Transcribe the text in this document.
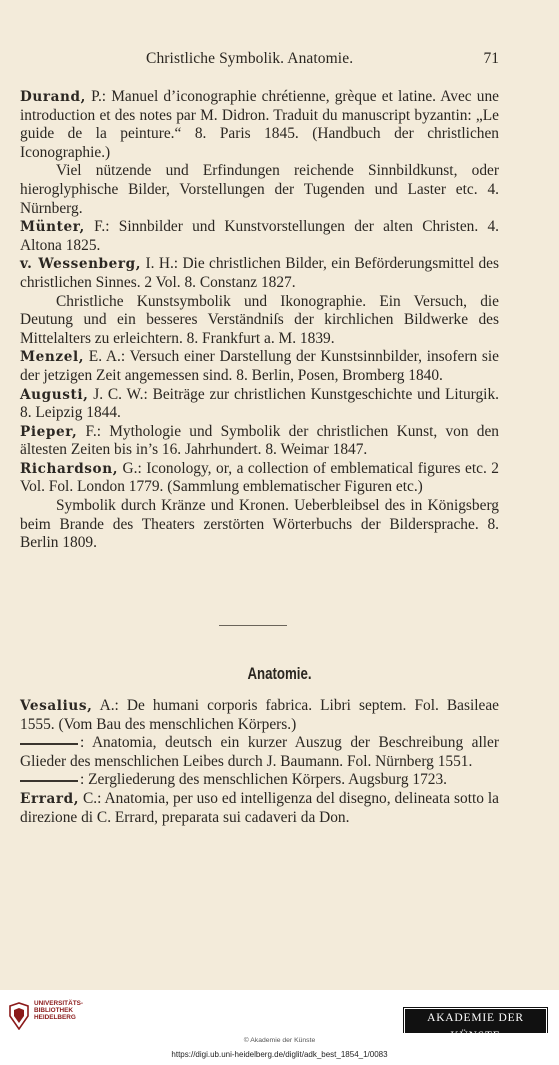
Christliche Symbolik. Anatomie.	71

Durand, P.: Manuel d’iconographie chrétienne, grèque et latine. Avec une introduction et des notes par M. Didron. Traduit du manuscript byzantin: „Le guide de la peinture.“ 8. Paris 1845. (Handbuch der christlichen Iconographie.)

Viel nützende und Erfindungen reichende Sinnbildkunst, oder hieroglyphische Bilder, Vorstellungen der Tugenden und Laster etc. 4. Nürnberg.

Münter, F.: Sinnbilder und Kunstvorstellungen der alten Christen. 4. Altona 1825.

v. Wessenberg, I. H.: Die christlichen Bilder, ein Beförderungsmittel des christlichen Sinnes. 2 Vol. 8. Constanz 1827.

Christliche Kunstsymbolik und Ikonographie. Ein Versuch, die Deutung und ein besseres Verständniſs der kirchlichen Bildwerke des Mittelalters zu erleichtern. 8. Frankfurt a. M. 1839.

Menzel, E. A.: Versuch einer Darstellung der Kunstsinnbilder, insofern sie der jetzigen Zeit angemessen sind. 8. Berlin, Posen, Bromberg 1840.

Augusti, J. C. W.: Beiträge zur christlichen Kunstgeschichte und Liturgik. 8. Leipzig 1844.

Pieper, F.: Mythologie und Symbolik der christlichen Kunst, von den ältesten Zeiten bis in’s 16. Jahrhundert. 8. Weimar 1847.

Richardson, G.: Iconology, or, a collection of emblematical figures etc. 2 Vol. Fol. London 1779. (Sammlung emblematischer Figuren etc.)

Symbolik durch Kränze und Kronen. Ueberbleibsel des in Königsberg beim Brande des Theaters zerstörten Wörterbuchs der Bildersprache. 8. Berlin 1809.

Anatomie.

Vesalius, A.: De humani corporis fabrica. Libri septem. Fol. Basileae 1555. (Vom Bau des menschlichen Körpers.)

: Anatomia, deutsch ein kurzer Auszug der Beschreibung aller Glieder des menschlichen Leibes durch J. Baumann. Fol. Nürnberg 1551.

: Zergliederung des menschlichen Körpers. Augsburg 1723.

Errard, C.: Anatomia, per uso ed intelligenza del disegno, delineata sotto la direzione di C. Errard, preparata sui cadaveri da Don.

UNIVERSITÄTS-
BIBLIOTHEK
HEIDELBERG	AKADEMIE DER KÜNSTE
© Akademie der Künste
https://digi.ub.uni-heidelberg.de/diglit/adk_best_1854_1/0083
